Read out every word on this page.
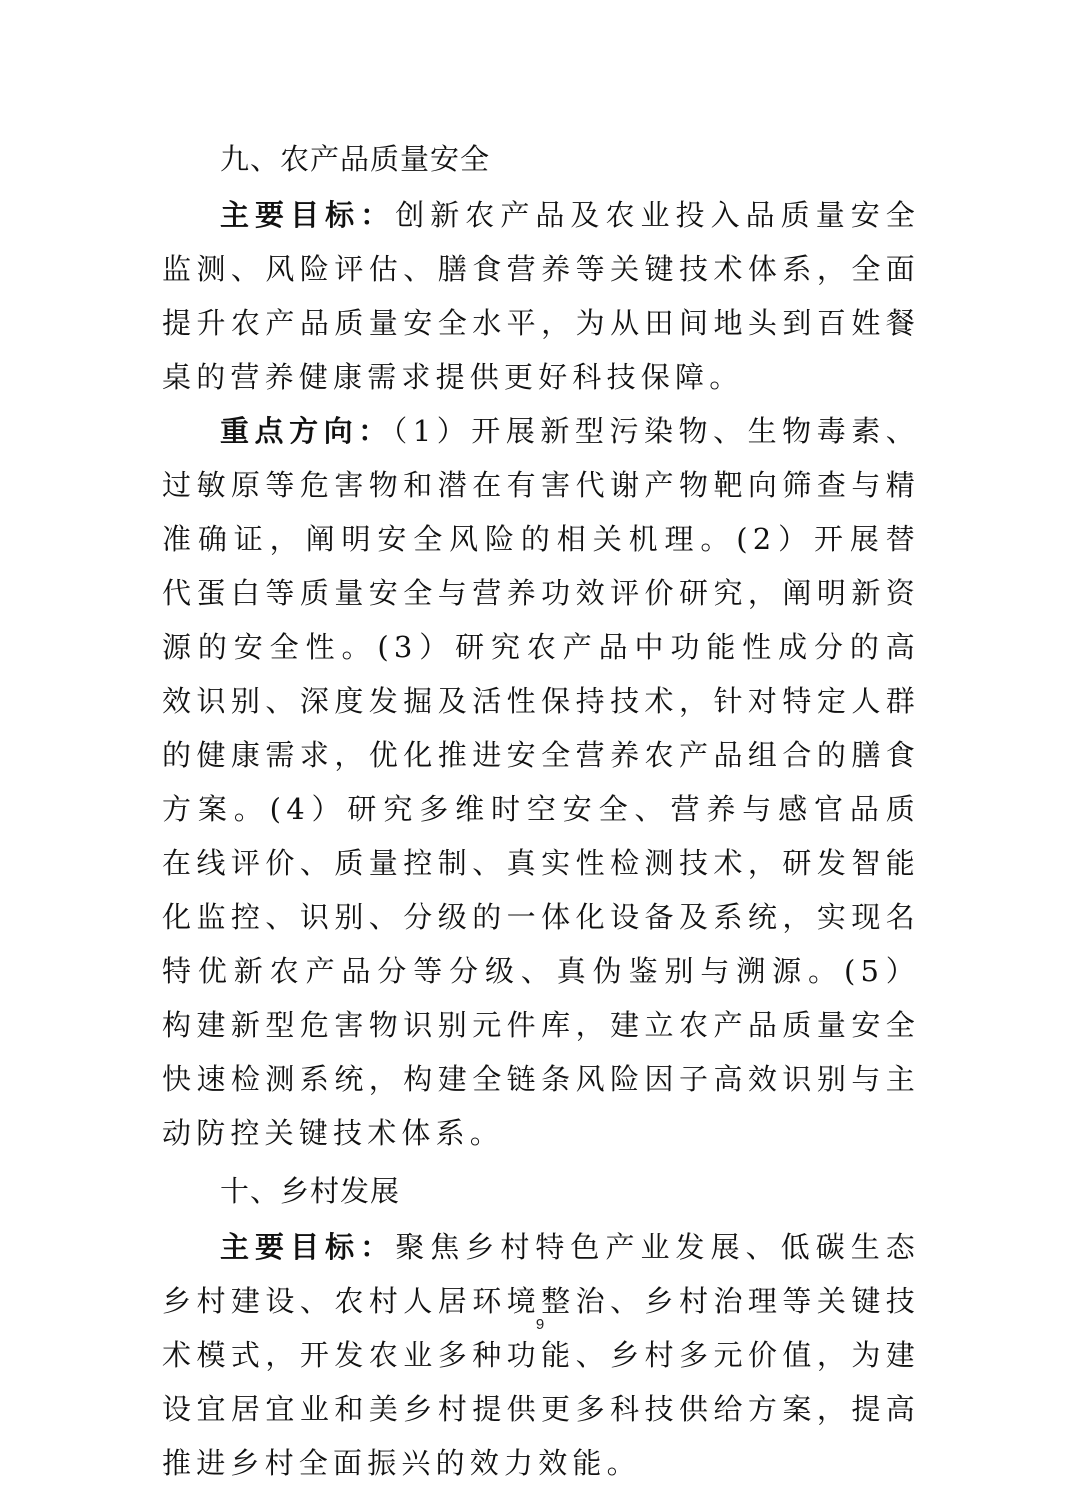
九、农产品质量安全

主要目标：创新农产品及农业投入品质量安全监测、风险评估、膳食营养等关键技术体系，全面提升农产品质量安全水平，为从田间地头到百姓餐桌的营养健康需求提供更好科技保障。

重点方向：（1）开展新型污染物、生物毒素、过敏原等危害物和潜在有害代谢产物靶向筛查与精准确证，阐明安全风险的相关机理。(2）开展替代蛋白等质量安全与营养功效评价研究，阐明新资源的安全性。(3）研究农产品中功能性成分的高效识别、深度发掘及活性保持技术，针对特定人群的健康需求，优化推进安全营养农产品组合的膳食方案。(4）研究多维时空安全、营养与感官品质在线评价、质量控制、真实性检测技术，研发智能化监控、识别、分级的一体化设备及系统，实现名特优新农产品分等分级、真伪鉴别与溯源。(5）构建新型危害物识别元件库，建立农产品质量安全快速检测系统，构建全链条风险因子高效识别与主动防控关键技术体系。

十、乡村发展

主要目标：聚焦乡村特色产业发展、低碳生态乡村建设、农村人居环境整治、乡村治理等关键技术模式，开发农业多种功能、乡村多元价值，为建设宜居宜业和美乡村提供更多科技供给方案，提高推进乡村全面振兴的效力效能。

9
